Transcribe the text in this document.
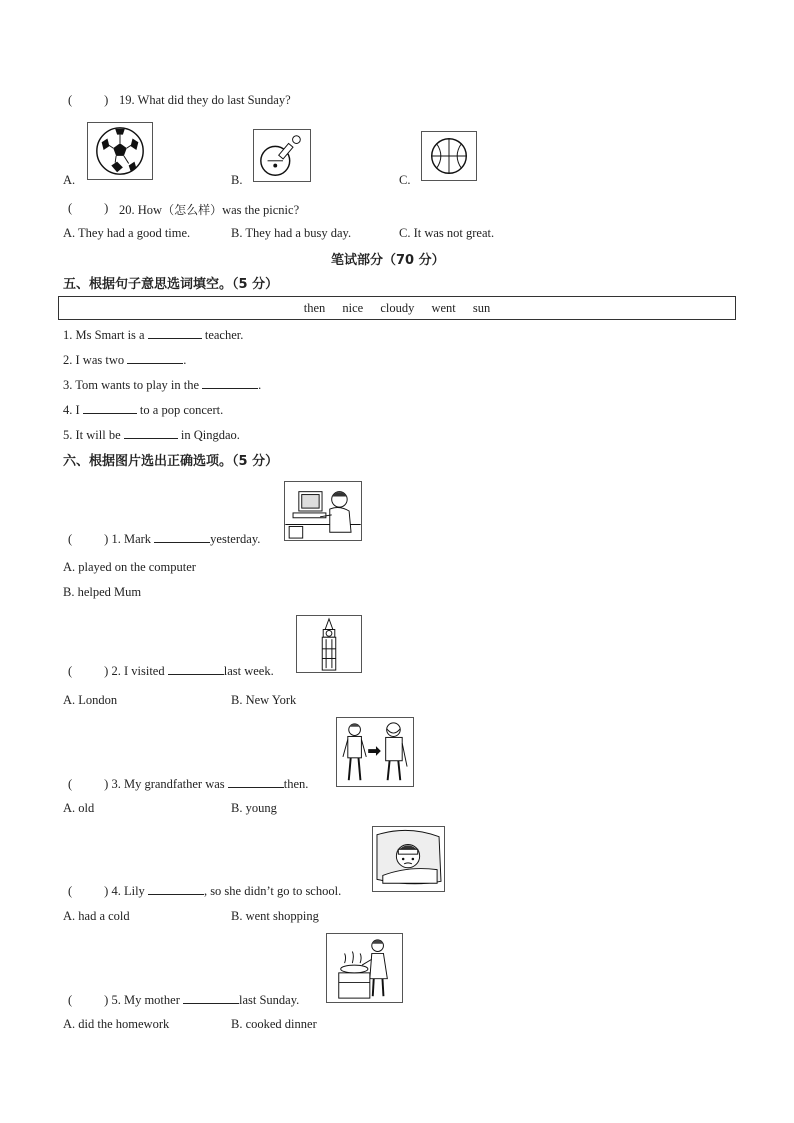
(	) 19. What did they do last Sunday?
A.	B.	C.
(	) 20. How（怎么样）was the picnic?
A. They had a good time.	B. They had a busy day.	C. It was not great.
笔试部分（70 分）
五、根据句子意思选词填空。（5 分）
then nice cloudy went sun
1. Ms Smart is a	teacher.
2. I was two	.
3. Tom wants to play in the	.
4. I	to a pop concert.
5. It will be	in Qingdao.
六、根据图片选出正确选项。（5 分）
(	) 1. Mark	yesterday.
A. played on the computer
B. helped Mum
(	) 2. I visited	last week.
A. London	B. New York
(	) 3. My grandfather was	then.
A. old	B. young
(	) 4. Lily	, so she didn’t go to school.
A. had a cold	B. went shopping
(	) 5. My mother	last Sunday.
A. did the homework	B. cooked dinner
